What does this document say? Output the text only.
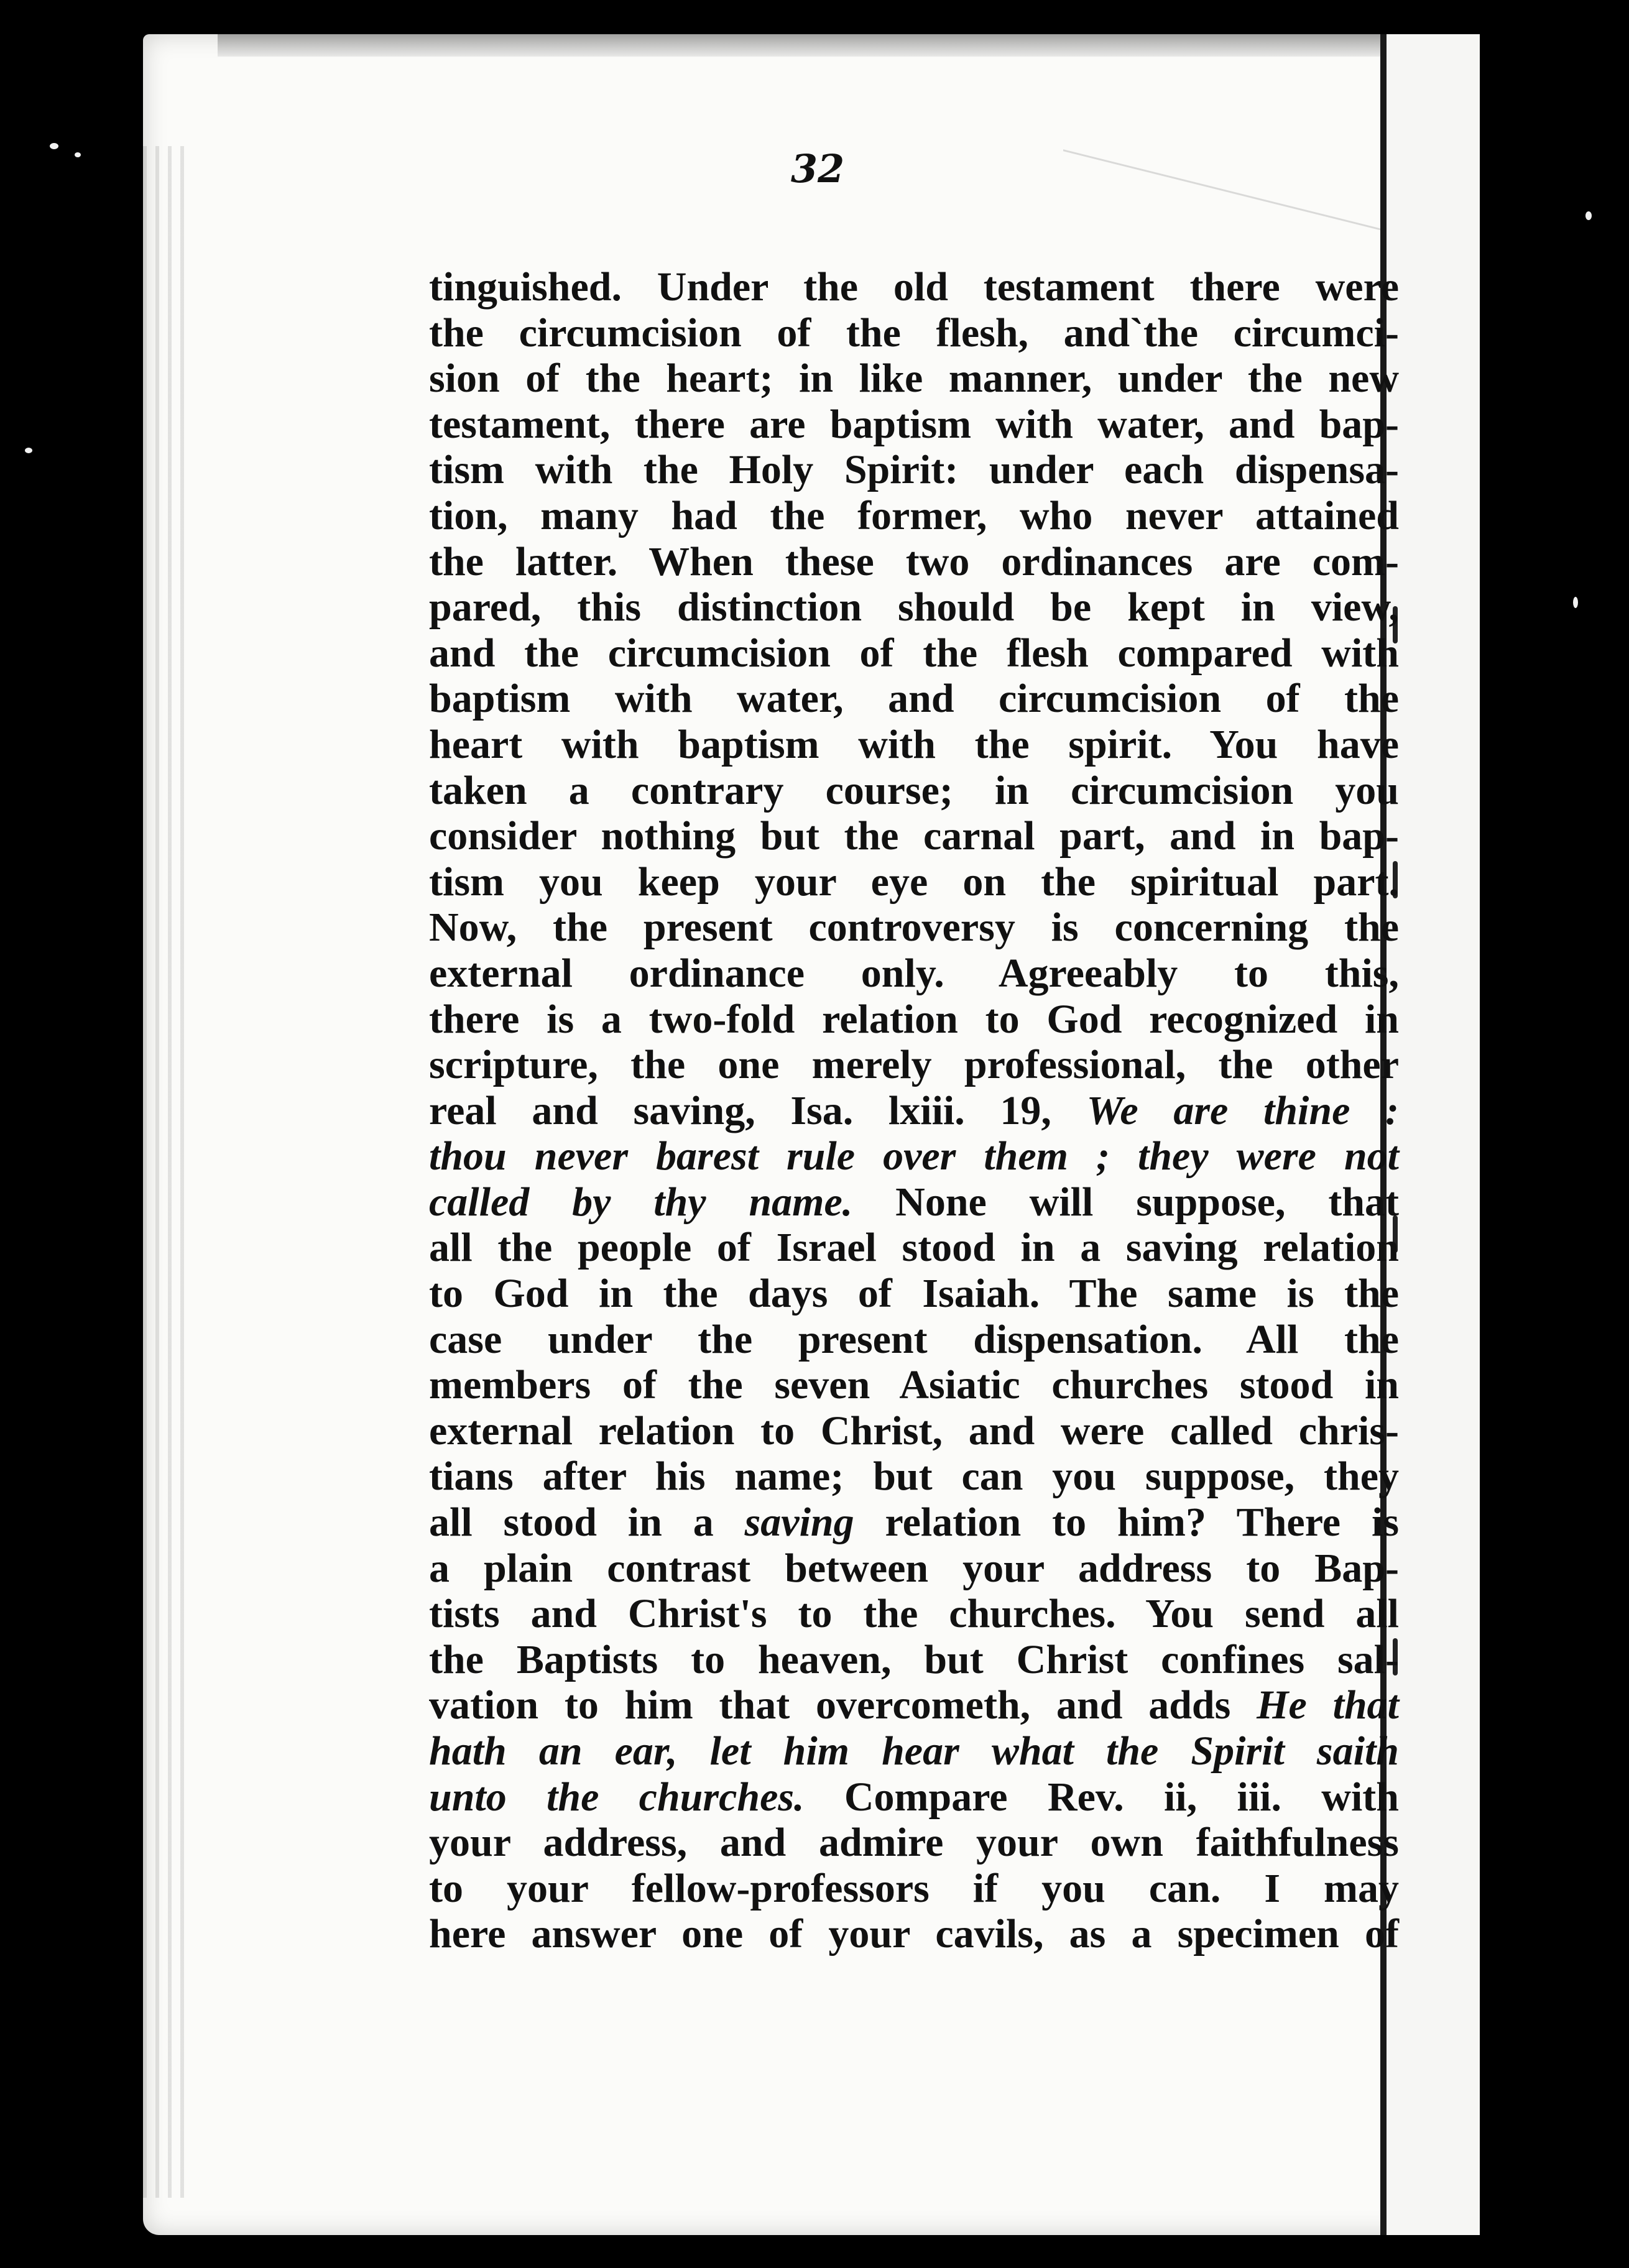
32
tinguished. Under the old testament there were
the circumcision of the flesh, and`the circumci-
sion of the heart; in like manner, under the new
testament, there are baptism with water, and bap-
tism with the Holy Spirit: under each dispensa-
tion, many had the former, who never attained
the latter. When these two ordinances are com-
pared, this distinction should be kept in view,
and the circumcision of the flesh compared with
baptism with water, and circumcision of the
heart with baptism with the spirit. You have
taken a contrary course; in circumcision you
consider nothing but the carnal part, and in bap-
tism you keep your eye on the spiritual part.
Now, the present controversy is concerning the
external ordinance only. Agreeably to this,
there is a two-fold relation to God recognized in
scripture, the one merely professional, the other
real and saving, Isa. lxiii. 19, We are thine :
thou never barest rule over them ; they were not
called by thy name. None will suppose, that
all the people of Israel stood in a saving relation
to God in the days of Isaiah. The same is the
case under the present dispensation. All the
members of the seven Asiatic churches stood in
external relation to Christ, and were called chris-
tians after his name; but can you suppose, they
all stood in a saving relation to him? There is
a plain contrast between your address to Bap-
tists and Christ's to the churches. You send all
the Baptists to heaven, but Christ confines sal-
vation to him that overcometh, and adds He that
hath an ear, let him hear what the Spirit saith
unto the churches. Compare Rev. ii, iii. with
your address, and admire your own faithfulness
to your fellow-professors if you can. I may
here answer one of your cavils, as a specimen of
